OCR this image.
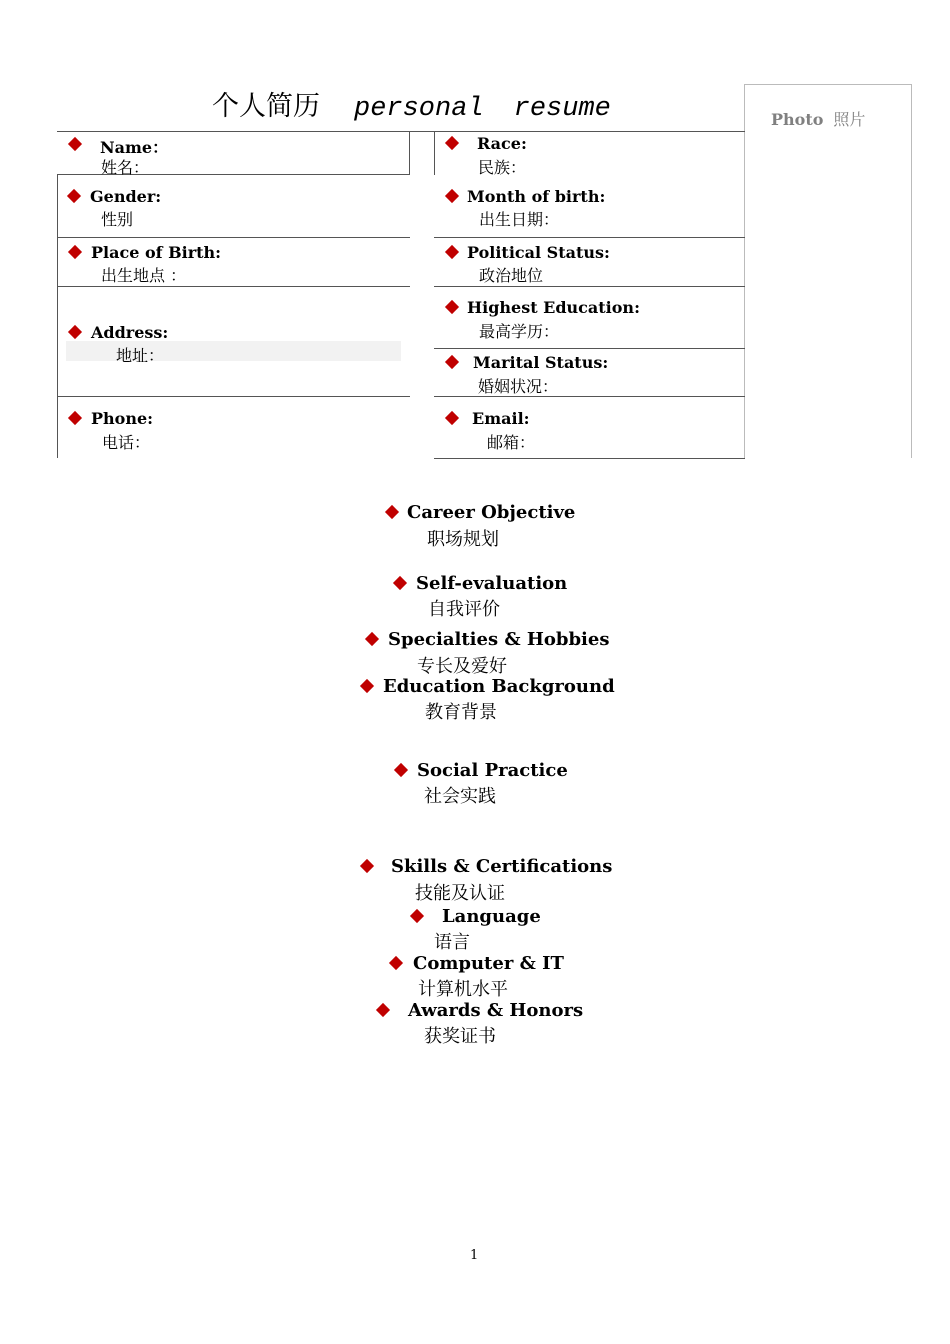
个人简历 personal resume	Photo 照片
Name：
姓名：
Race:
民族：
Gender:
性别
Month of birth:
出生日期：
Place of Birth:
出生地点 ：
Political Status:
政治地位
Address:
地址：
Highest Education:
最高学历：
Marital Status:
婚姻状况：
Phone:
电话：
Email:
邮箱：
Career Objective
职场规划
Self-evaluation
自我评价
Specialties & Hobbies
专长及爱好
Education Background
教育背景
Social Practice
社会实践
Skills & Certifications
技能及认证
Language
语言
Computer & IT
计算机水平
Awards & Honors
获奖证书
1
